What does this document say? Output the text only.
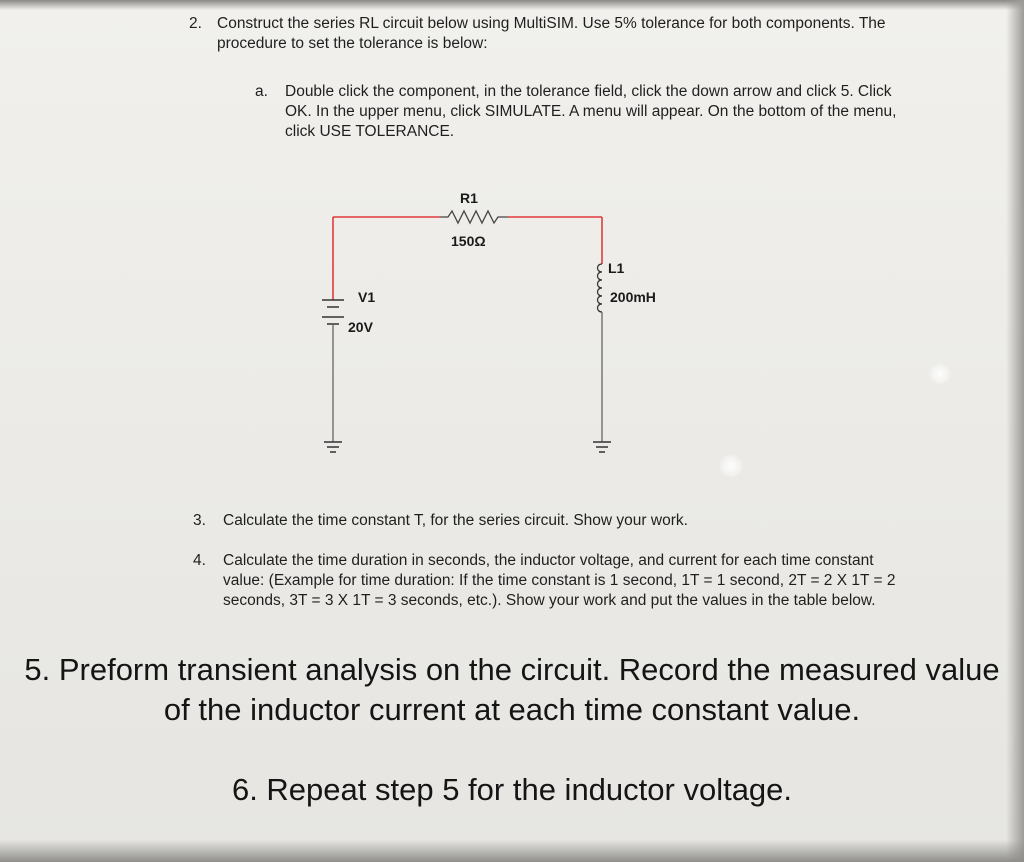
2. Construct the series RL circuit below using MultiSIM. Use 5% tolerance for both components. The procedure to set the tolerance is below:
a. Double click the component, in the tolerance field, click the down arrow and click 5. Click OK. In the upper menu, click SIMULATE. A menu will appear. On the bottom of the menu, click USE TOLERANCE.
R1
150Ω
L1
200mH
V1
20V
3. Calculate the time constant T, for the series circuit. Show your work.
4. Calculate the time duration in seconds, the inductor voltage, and current for each time constant value: (Example for time duration: If the time constant is 1 second, 1T = 1 second, 2T = 2 X 1T = 2 seconds, 3T = 3 X 1T = 3 seconds, etc.). Show your work and put the values in the table below.
5. Preform transient analysis on the circuit. Record the measured value of the inductor current at each time constant value.
6. Repeat step 5 for the inductor voltage.
